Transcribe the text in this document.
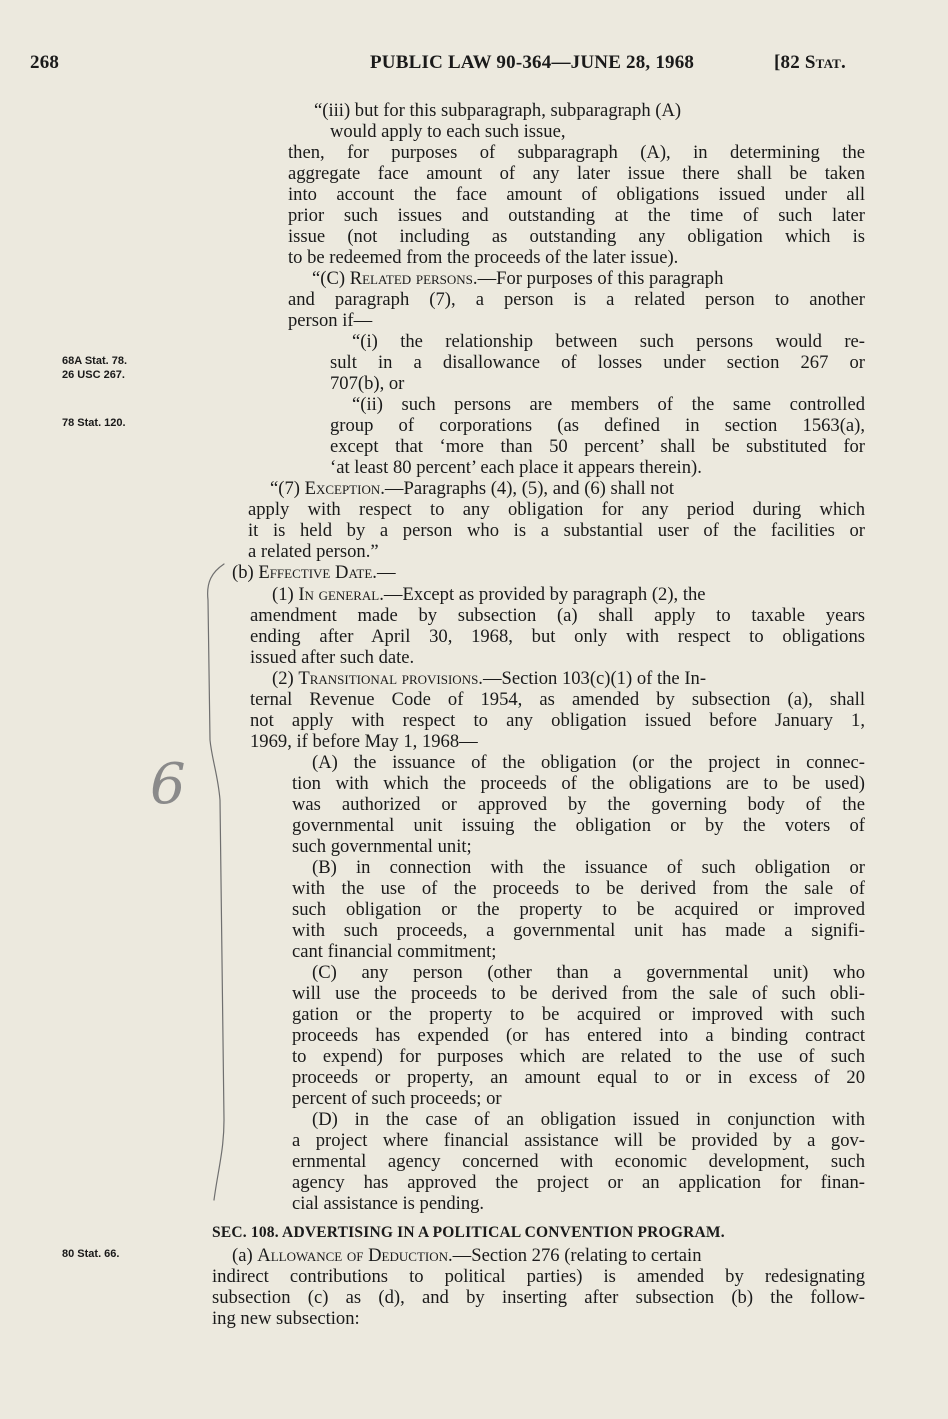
268	PUBLIC LAW 90-364—JUNE 28, 1968	[82 Stat.
68A Stat. 78.
26 USC 267.
78 Stat. 120.
80 Stat. 66.
“(iii) but for this subparagraph, subparagraph (A)
would apply to each such issue,
then, for purposes of subparagraph (A), in determining the
aggregate face amount of any later issue there shall be taken
into account the face amount of obligations issued under all
prior such issues and outstanding at the time of such later
issue (not including as outstanding any obligation which is
to be redeemed from the proceeds of the later issue).
“(C) Related persons.—For purposes of this paragraph
and paragraph (7), a person is a related person to another
person if—
“(i) the relationship between such persons would re-
sult in a disallowance of losses under section 267 or
707(b), or
“(ii) such persons are members of the same controlled
group of corporations (as defined in section 1563(a),
except that ‘more than 50 percent’ shall be substituted for
‘at least 80 percent’ each place it appears therein).
“(7) Exception.—Paragraphs (4), (5), and (6) shall not
apply with respect to any obligation for any period during which
it is held by a person who is a substantial user of the facilities or
a related person.”
(b) Effective Date.—
(1) In general.—Except as provided by paragraph (2), the
amendment made by subsection (a) shall apply to taxable years
ending after April 30, 1968, but only with respect to obligations
issued after such date.
(2) Transitional provisions.—Section 103(c)(1) of the In-
ternal Revenue Code of 1954, as amended by subsection (a), shall
not apply with respect to any obligation issued before January 1,
1969, if before May 1, 1968—
(A) the issuance of the obligation (or the project in connec-
tion with which the proceeds of the obligations are to be used)
was authorized or approved by the governing body of the
governmental unit issuing the obligation or by the voters of
such governmental unit;
(B) in connection with the issuance of such obligation or
with the use of the proceeds to be derived from the sale of
such obligation or the property to be acquired or improved
with such proceeds, a governmental unit has made a signifi-
cant financial commitment;
(C) any person (other than a governmental unit) who
will use the proceeds to be derived from the sale of such obli-
gation or the property to be acquired or improved with such
proceeds has expended (or has entered into a binding contract
to expend) for purposes which are related to the use of such
proceeds or property, an amount equal to or in excess of 20
percent of such proceeds; or
(D) in the case of an obligation issued in conjunction with
a project where financial assistance will be provided by a gov-
ernmental agency concerned with economic development, such
agency has approved the project or an application for finan-
cial assistance is pending.
SEC. 108. ADVERTISING IN A POLITICAL CONVENTION PROGRAM.
(a) Allowance of Deduction.—Section 276 (relating to certain
indirect contributions to political parties) is amended by redesignating
subsection (c) as (d), and by inserting after subsection (b) the follow-
ing new subsection:
6
